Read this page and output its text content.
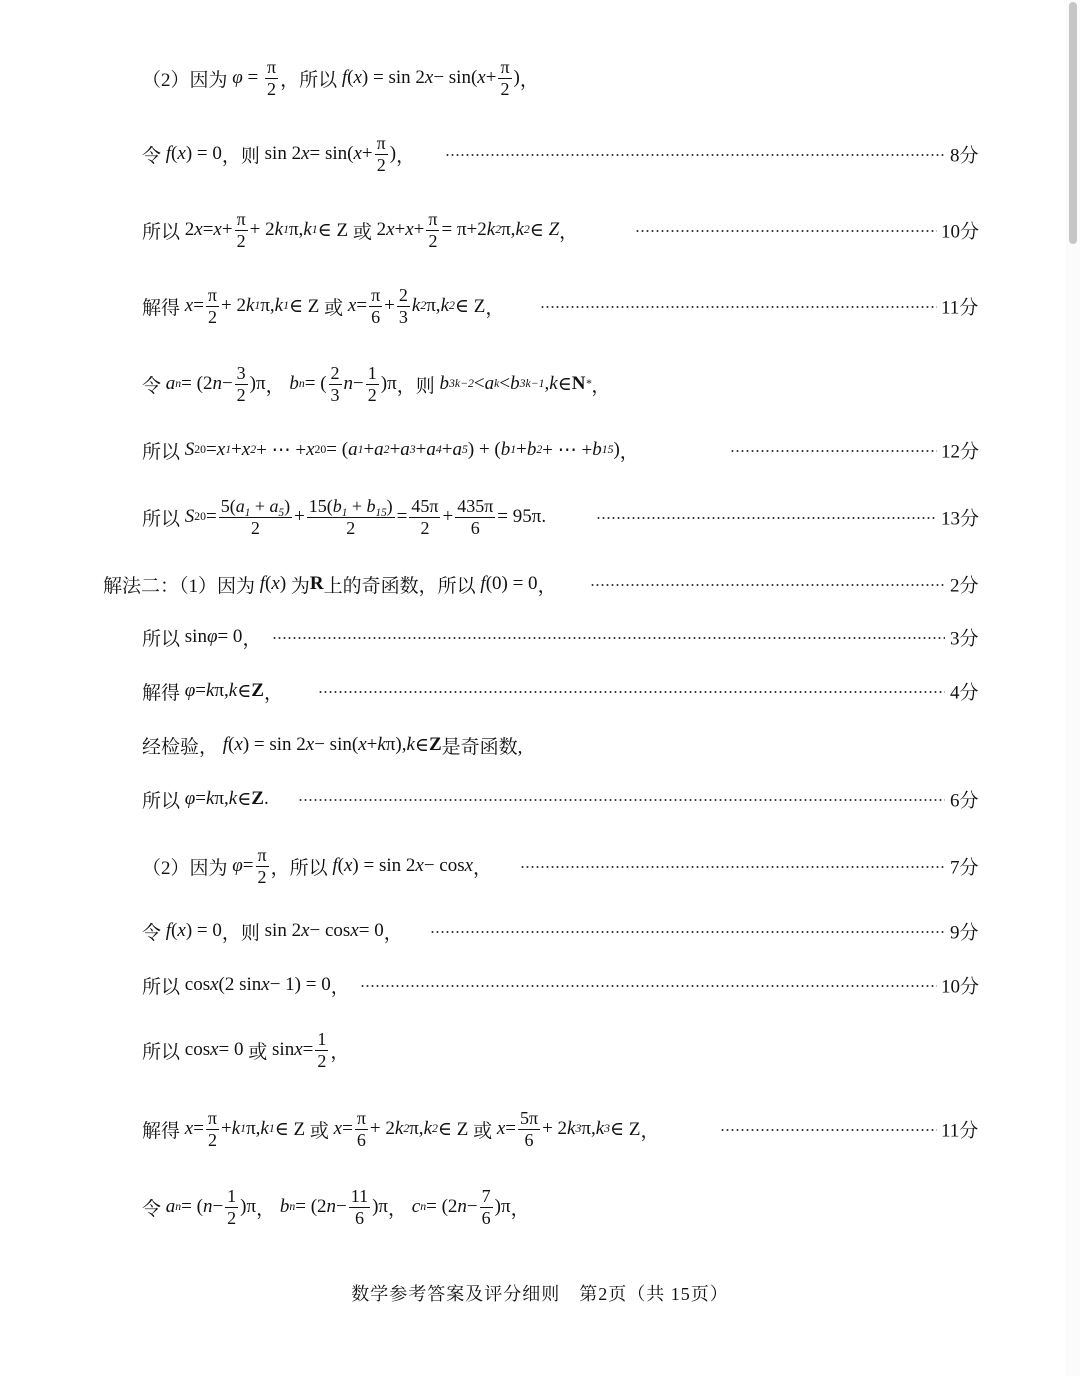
（2）因为 $\varphi = \frac{\pi}{2}$ ，所以 f ( x ) = sin 2 x − sin( $x + \frac{\pi}{2}$ ) ，
令 f ( x ) = 0 ， 则 sin 2 x = sin( $x + \frac{\pi}{2}$ ) ，	8分
所以 2 $x = x + \frac{\pi}{2} + 2$ k 1 π, k 1 ∈ Z 或 2 $x + x + \frac{\pi}{2} = \pi+2$ k 2 π, k 2 ∈ Z ，	10分
解得 $x = \frac{\pi}{2} + 2$ k 1 π, k 1 ∈ Z 或 $x = \frac{\pi}{6} + \frac{2}{3}$ k 2 π, k 2 ∈ Z ，	11分
令 a n = (2 $n - \frac{3}{2} )\pi$ ， b n = ( $\frac{2}{3}$ $n - \frac{1}{2} )\pi$ ， 则 b 3k−2 < a k < b 3k−1 , k ∈ N * ，
所以 S 20 = x 1 + x 2 + ⋯ + x 20 = ( a 1 + a 2 + a 3 + a 4 + a 5 ) + ( b 1 + b 2 + ⋯ + b 15 ) ，	12分
所以 S $20 = \frac{5(a_1 + a_5)}{2} + \frac{15(b_1 + b_{15})}{2} = \frac{45\pi}{2} + \frac{435\pi}{6} = 95\pi$ .	13分
解法二：（1）因为 f ( x ) 为 R 上的奇函数，所以 f (0) = 0 ，	2分
所以 sin φ = 0 ，	3分
解得 φ = k π, k ∈ Z ，	4分
经检验， f ( x ) = sin 2 x − sin( x + k π), k ∈ Z 是奇函数,
所以 φ = k π, k ∈ Z .	6分
（2）因为 $\varphi = \frac{\pi}{2}$ ，所以 f ( x ) = sin 2 x − cos x ，	7分
令 f ( x ) = 0 ， 则 sin 2 x − cos x = 0 ，	9分
所以 cos x (2 sin x − 1) = 0 ，	10分
所以 cos x = 0 或 $\sin x = \frac{1}{2}$ ，
解得 $x = \frac{\pi}{2} + k$ 1 π, k 1 ∈ Z 或 $x = \frac{\pi}{6} + 2$ k 2 π, k 2 ∈ Z 或 $x = \frac{5\pi}{6} + 2$ k 3 π, k 3 ∈ Z ，	11分
令 a n = ( $n - \frac{1}{2} )\pi$ ， b n = (2 $n - \frac{11}{6} )\pi$ ， c n = (2 $n - \frac{7}{6} )\pi$ ，
数学参考答案及评分细则　第2页（共 15页）
